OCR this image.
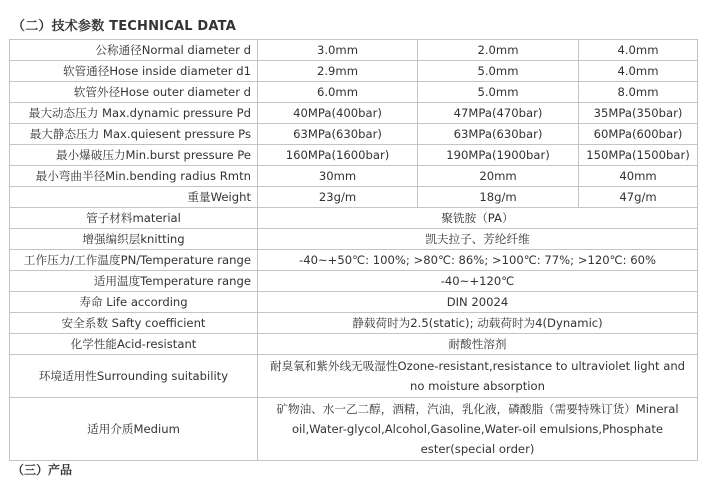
（二）技术参数 TECHNICAL DATA
公称通径Normal diameter d	3.0mm	2.0mm	4.0mm
软管通径Hose inside diameter d1	2.9mm	5.0mm	4.0mm
软管外径Hose outer diameter d	6.0mm	5.0mm	8.0mm
最大动态压力 Max.dynamic pressure Pd	40MPa(400bar)	47MPa(470bar)	35MPa(350bar)
最大静态压力 Max.quiesent pressure Ps	63MPa(630bar)	63MPa(630bar)	60MPa(600bar)
最小爆破压力Min.burst pressure Pe	160MPa(1600bar)	190MPa(1900bar)	150MPa(1500bar)
最小弯曲半径Min.bending radius Rmtn	30mm	20mm	40mm
重量Weight	23g/m	18g/m	47g/m
管子材料material	聚铣胺（PA）		
增强编织层knitting	凯夫拉子、芳纶纤维		
工作压力/工作温度PN/Temperature range	-40~+50℃: 100%; >80℃: 86%; >100℃: 77%; >120℃: 60%		
适用温度Temperature range	-40~+120℃		
寿命 Life according	DIN 20024		
安全系数 Safty coefficient	静载荷时为2.5(static); 动载荷时为4(Dynamic)		
化学性能Acid-resistant	耐酸性溶剂		
环境适用性Surrounding suitability	耐臭氧和紫外线无吸湿性Ozone-resistant,resistance to ultraviolet light and no moisture absorption		
适用介质Medium	矿物油、水一乙二醇，酒精，汽油，乳化液，磷酸脂（需要特殊订货）Mineral oil,Water-glycol,Alcohol,Gasoline,Water-oil emulsions,Phosphate ester(special order)		
（三）产品
